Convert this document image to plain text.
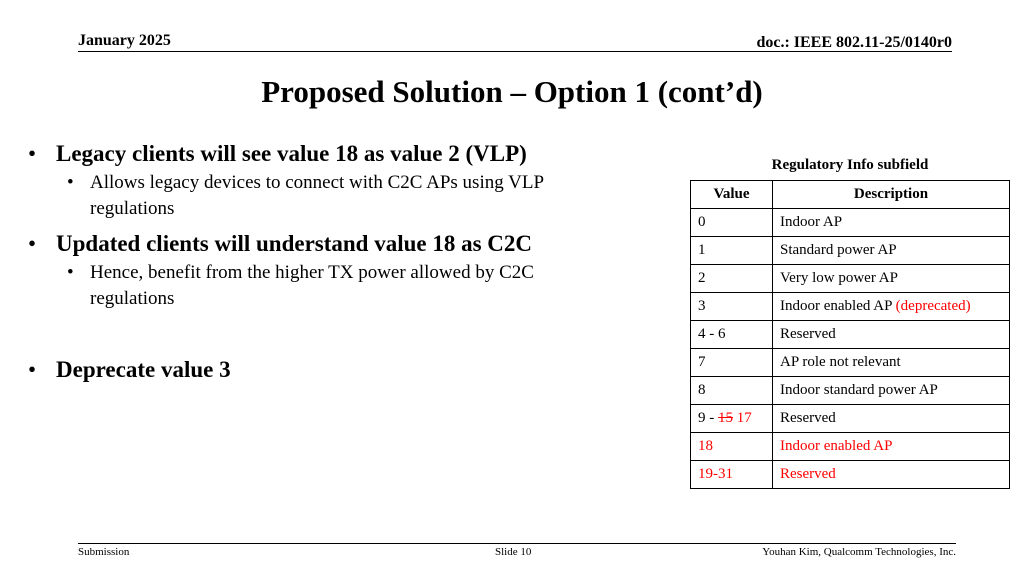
January 2025	doc.: IEEE 802.11-25/0140r0
Proposed Solution – Option 1 (cont’d)
• Legacy clients will see value 18 as value 2 (VLP)
• Allows legacy devices to connect with C2C APs using VLP regulations
• Updated clients will understand value 18 as C2C
• Hence, benefit from the higher TX power allowed by C2C regulations
• Deprecate value 3
Regulatory Info subfield
Value	Description
0	Indoor AP
1	Standard power AP
2	Very low power AP
3	Indoor enabled AP (deprecated)
4 - 6	Reserved
7	AP role not relevant
8	Indoor standard power AP
9 - 15 17	Reserved
18	Indoor enabled AP
19-31	Reserved
Submission	Slide 10	Youhan Kim, Qualcomm Technologies, Inc.
